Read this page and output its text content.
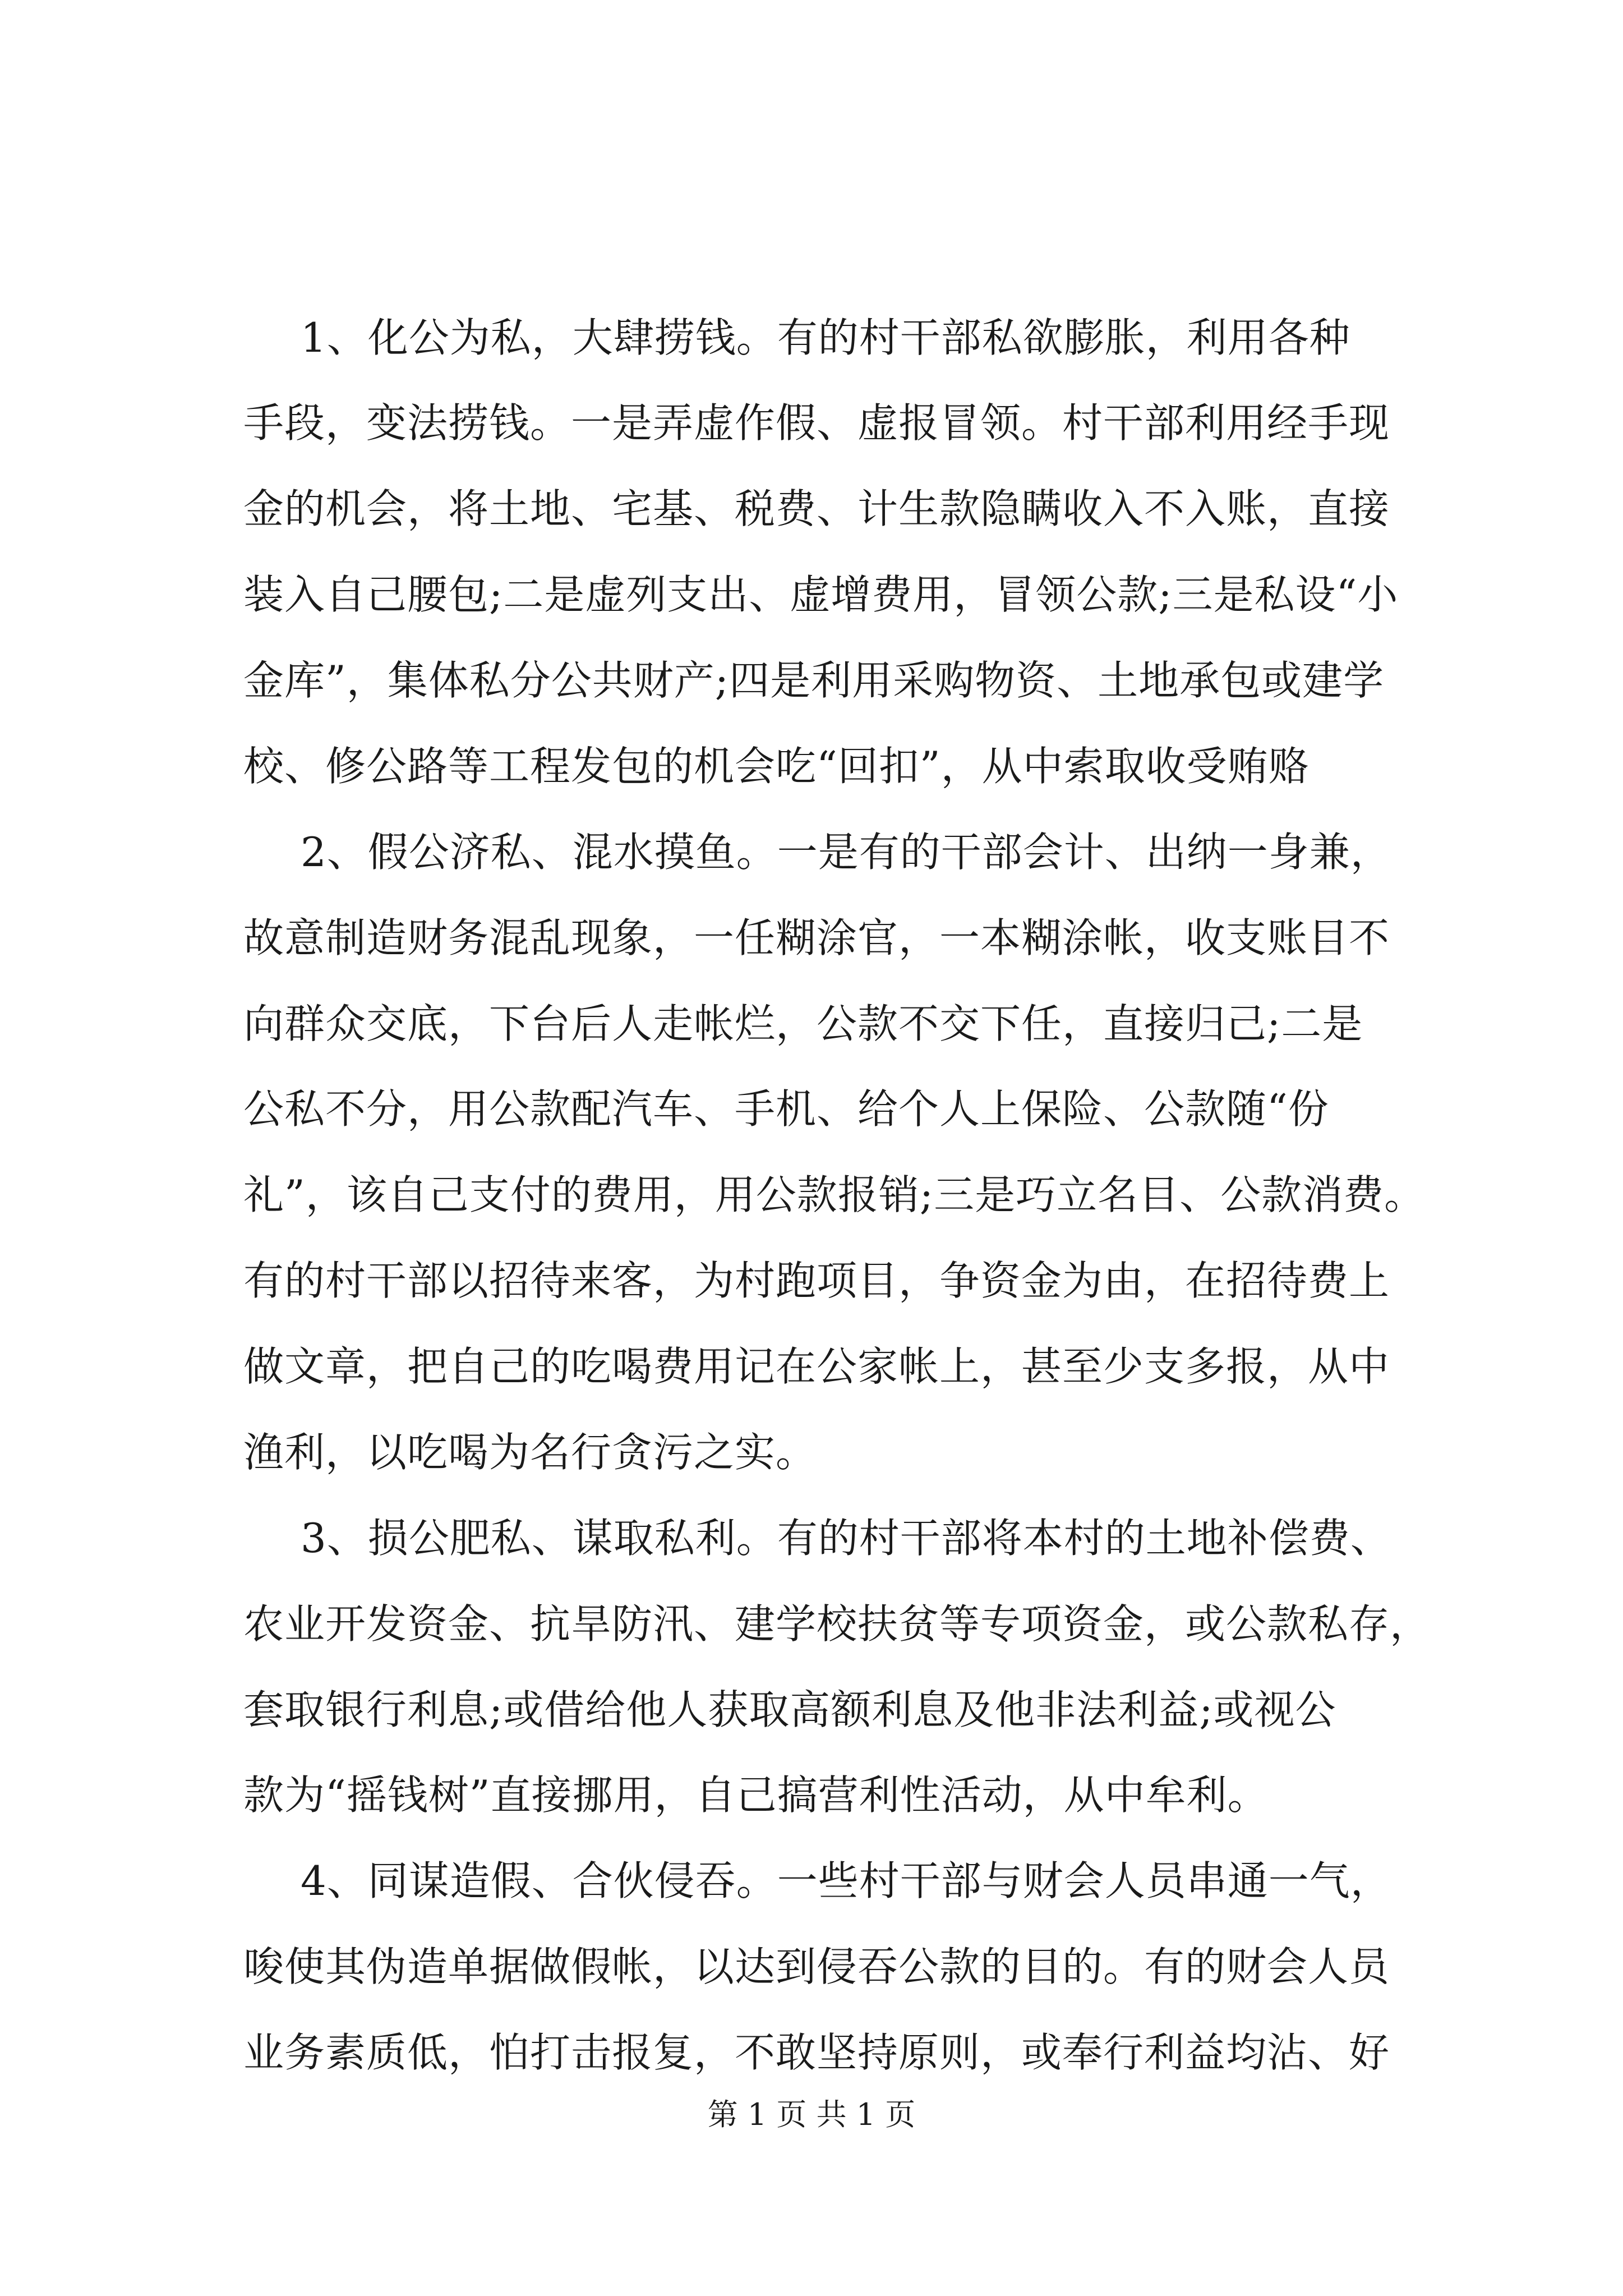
1、化公为私，大肆捞钱。有的村干部私欲膨胀，利用各种
手段，变法捞钱。一是弄虚作假、虚报冒领。村干部利用经手现
金的机会，将土地、宅基、税费、计生款隐瞒收入不入账，直接
装入自己腰包;二是虚列支出、虚增费用，冒领公款;三是私设“小
金库”，集体私分公共财产;四是利用采购物资、土地承包或建学
校、修公路等工程发包的机会吃“回扣”，从中索取收受贿赂
2、假公济私、混水摸鱼。一是有的干部会计、出纳一身兼，
故意制造财务混乱现象，一任糊涂官，一本糊涂帐，收支账目不
向群众交底，下台后人走帐烂，公款不交下任，直接归己;二是
公私不分，用公款配汽车、手机、给个人上保险、公款随“份
礼”，该自己支付的费用，用公款报销;三是巧立名目、公款消费。
有的村干部以招待来客，为村跑项目，争资金为由，在招待费上
做文章，把自己的吃喝费用记在公家帐上，甚至少支多报，从中
渔利，以吃喝为名行贪污之实。
3、损公肥私、谋取私利。有的村干部将本村的土地补偿费、
农业开发资金、抗旱防汛、建学校扶贫等专项资金，或公款私存，
套取银行利息;或借给他人获取高额利息及他非法利益;或视公
款为“摇钱树”直接挪用，自己搞营利性活动，从中牟利。
4、同谋造假、合伙侵吞。一些村干部与财会人员串通一气，
唆使其伪造单据做假帐，以达到侵吞公款的目的。有的财会人员
业务素质低，怕打击报复，不敢坚持原则，或奉行利益均沾、好
第 1 页 共 1 页
